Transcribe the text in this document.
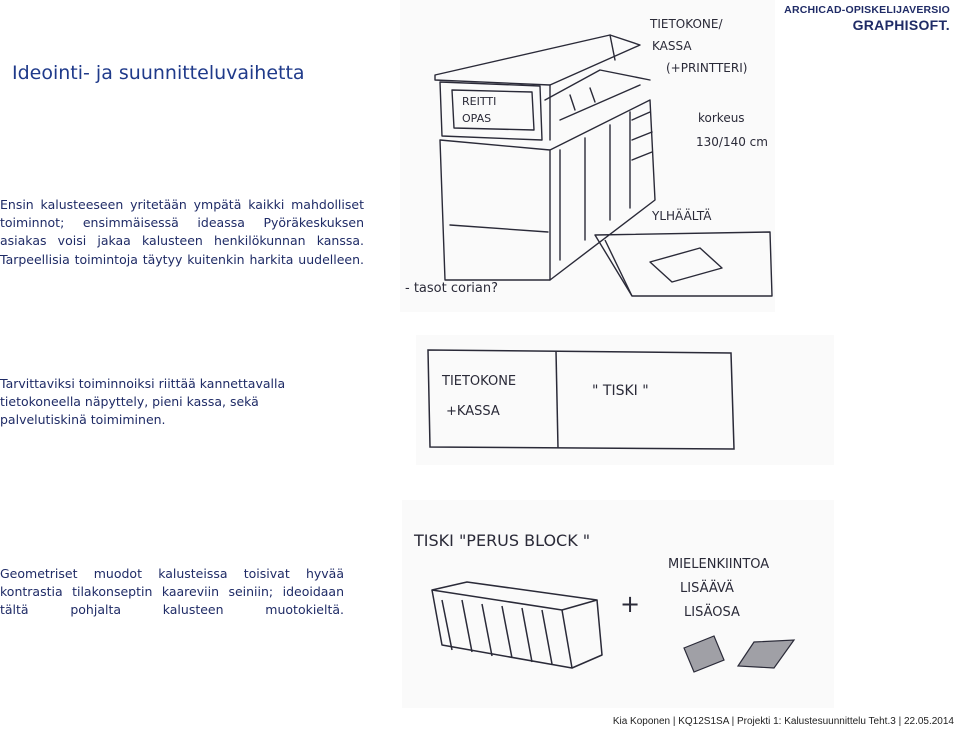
ARCHICAD-OPISKELIJAVERSIO
GRAPHISOFT.
Ideointi- ja suunnitteluvaihetta

Ensin kalusteeseen yritetään ympätä kaikki mahdolliset toiminnot; ensimmäisessä ideassa Pyöräkeskuksen asiakas voisi jakaa kalusteen henkilökunnan kanssa. Tarpeellisia toimintoja täytyy kuitenkin harkita uudelleen.

Tarvittaviksi toiminnoiksi riittää kannettavalla tietokoneella näpyttely, pieni kassa, sekä palvelutiskinä toimiminen.

Geometriset muodot kalusteissa toisivat hyvää kontrastia tilakonseptin kaareviin seiniin; ideoidaan tältä pohjalta kalusteen muotokieltä.

TIETOKONE/
KASSA
(+PRINTTERI)
REITTI
OPAS	korkeus
130/140 cm
YLHÄÄLTÄ
- tasot corian?
TIETOKONE
+KASSA
" TISKI "
TISKI "PERUS BLOCK "
+
MIELENKIINTOA
LISÄÄVÄ
LISÄOSA
Kia Koponen | KQ12S1SA | Projekti 1: Kalustesuunnittelu Teht.3 | 22.05.2014
